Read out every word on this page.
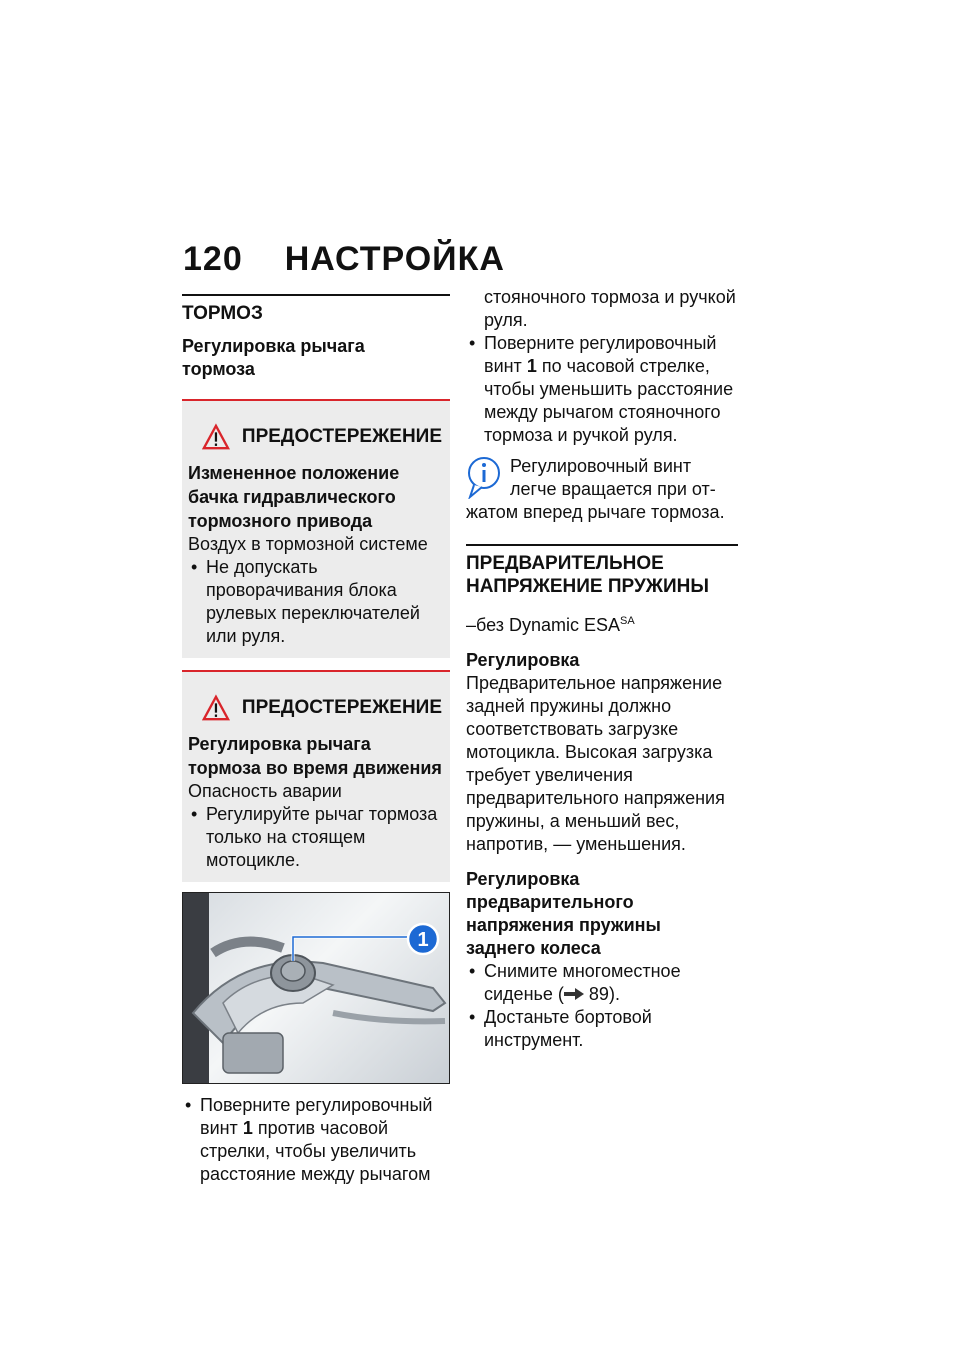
120 НАСТРОЙКА
ТОРМОЗ
Регулировка рычага тормоза
ПРЕДОСТЕРЕЖЕНИЕ
Измененное положение бачка гидравлического тормозного привода
Воздух в тормозной системе
• Не допускать проворачивания блока рулевых переключателей или руля.
ПРЕДОСТЕРЕЖЕНИЕ
Регулировка рычага тормоза во время движения
Опасность аварии
• Регулируйте рычаг тормоза только на стоящем мотоцикле.
1
• Поверните регулировочный винт 1 против часовой стрелки, чтобы увеличить расстояние между рычагом
стояночного тормоза и ручкой руля.
• Поверните регулировочный винт 1 по часовой стрелке, чтобы уменьшить расстояние между рычагом стояночного тормоза и ручкой руля.
Регулировочный винт
легче вращается при от-
жатом вперед рычаге тормоза.
ПРЕДВАРИТЕЛЬНОЕ НАПРЯЖЕНИЕ ПРУЖИНЫ
–без Dynamic $ESA^{SA}$
Регулировка
Предварительное напряжение задней пружины должно соответствовать загрузке мотоцикла. Высокая загрузка требует увеличения предварительного напряжения пружины, а меньший вес, напротив, — уменьшения.
Регулировка предварительного напряжения пружины заднего колеса
• Снимите многоместное сиденье ( 89).
• Достаньте бортовой инструмент.
